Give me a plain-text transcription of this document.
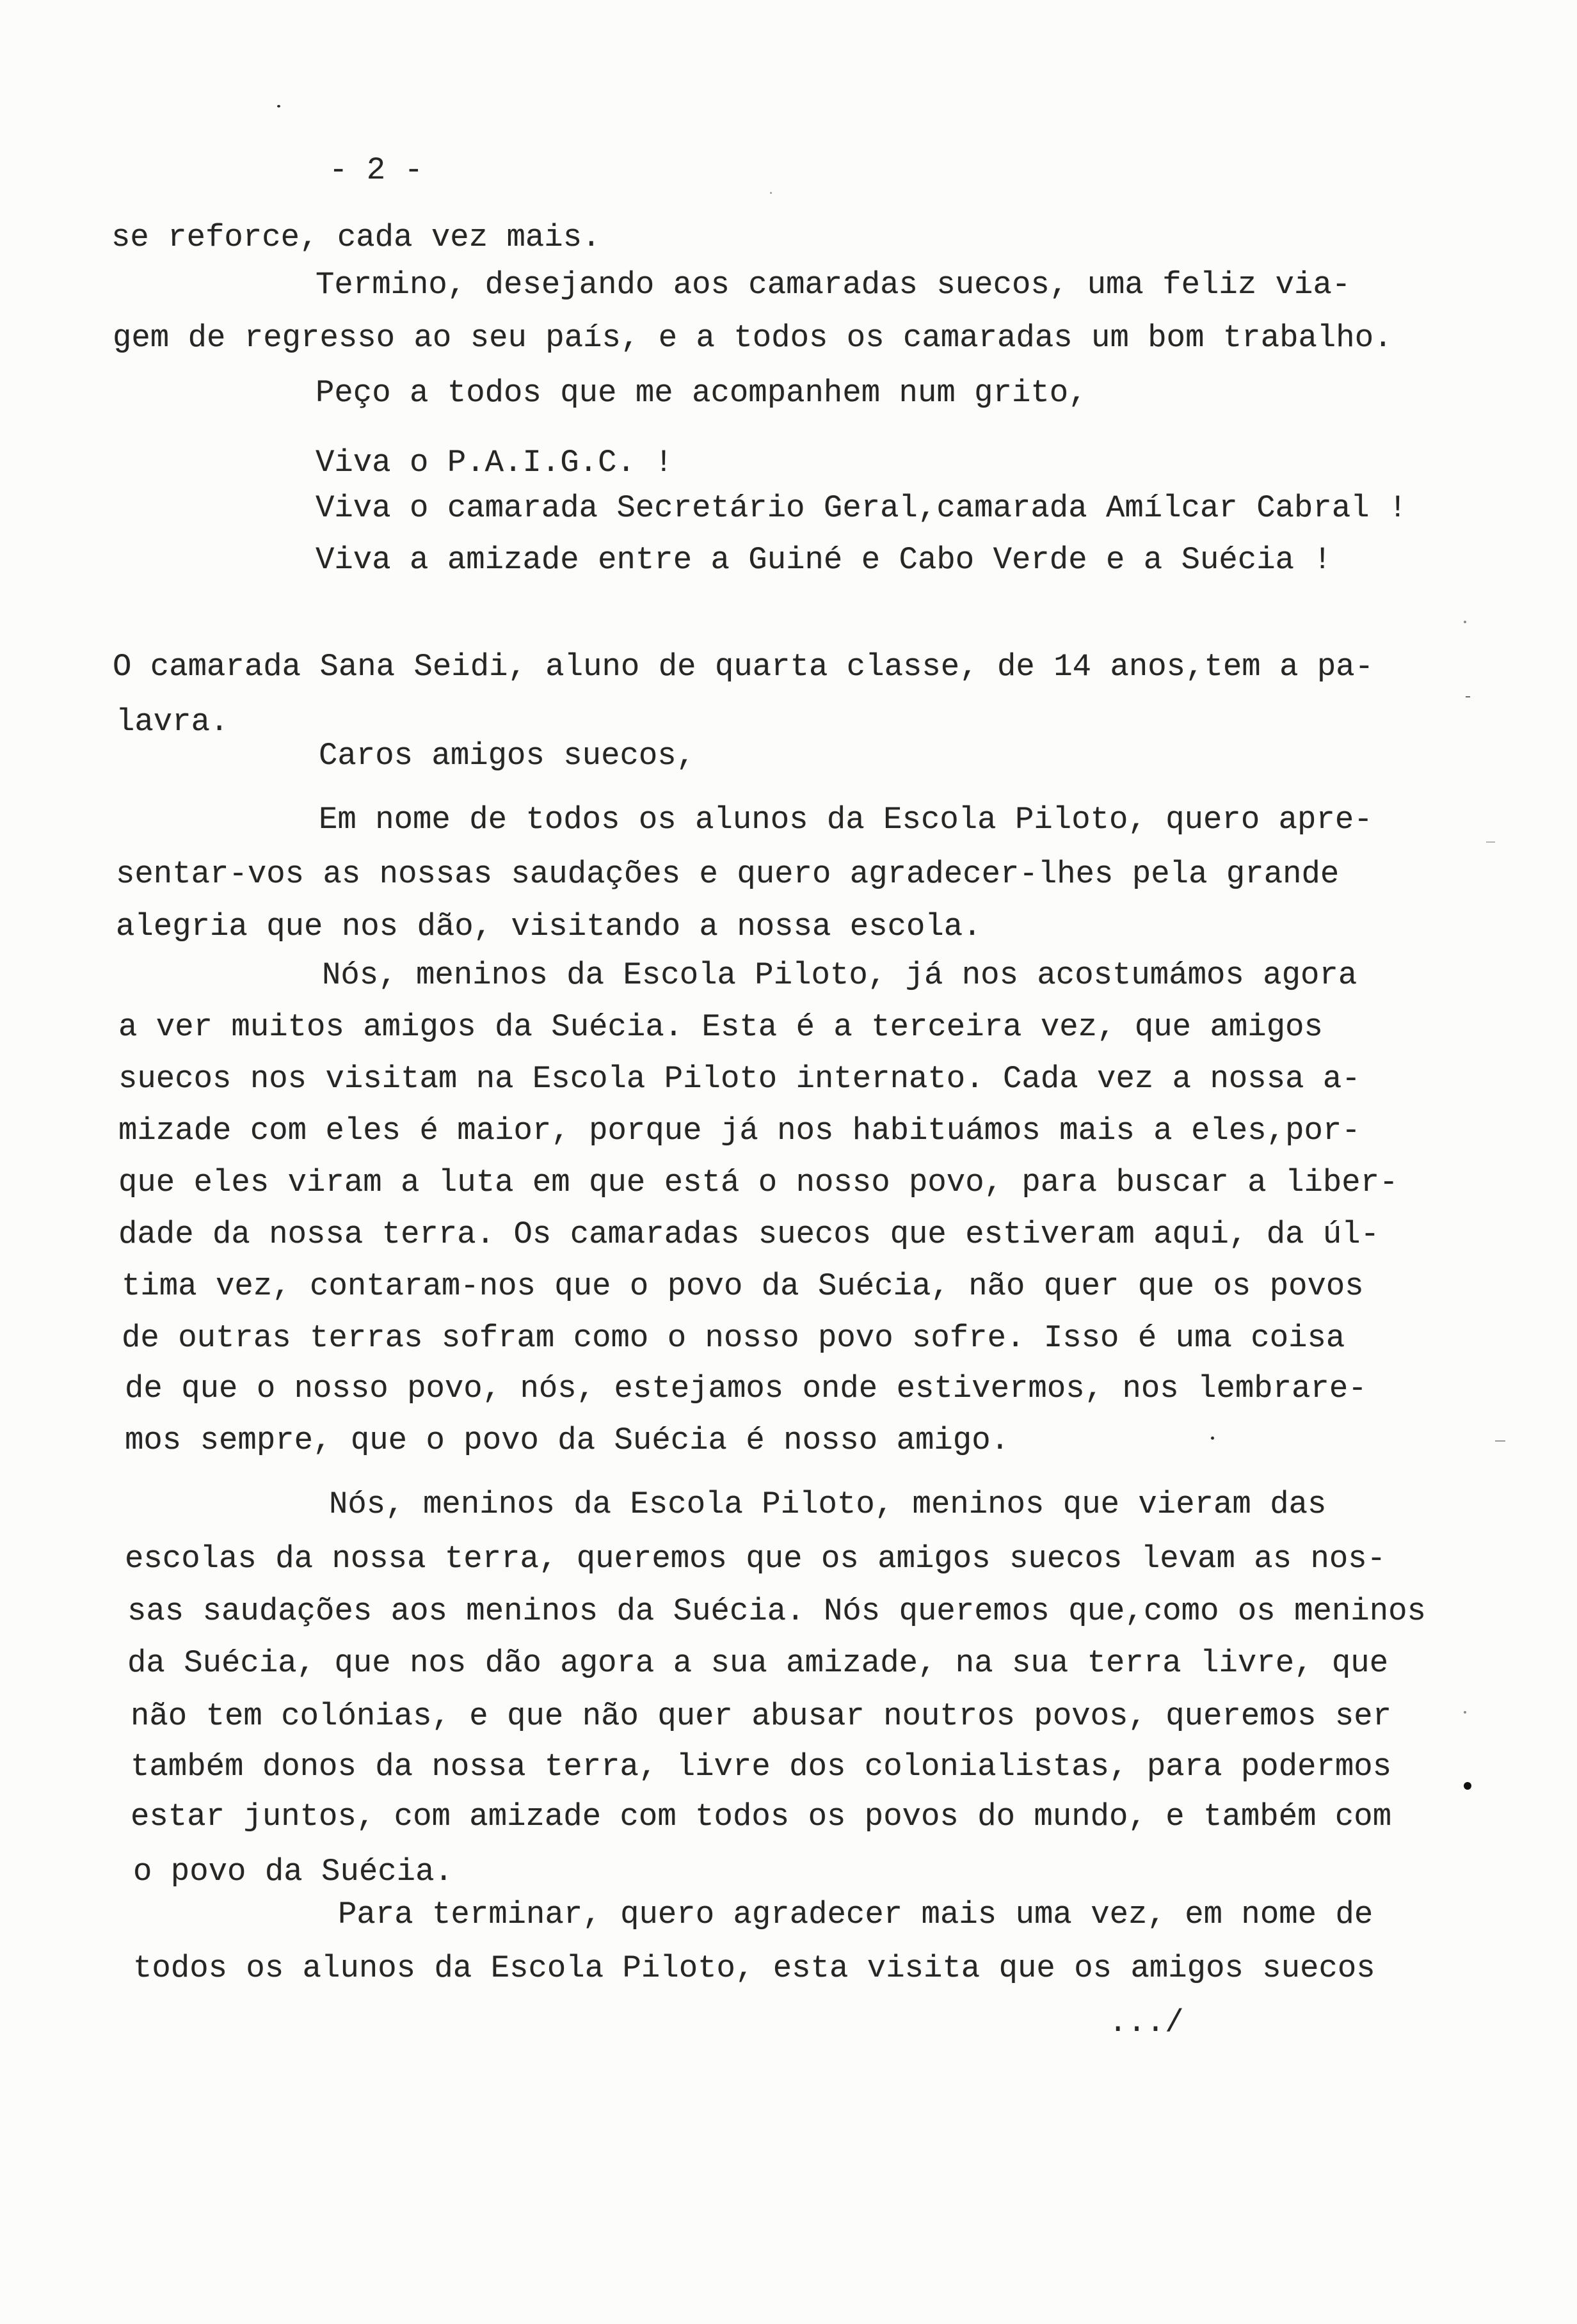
- 2 -
se reforce, cada vez mais.
Termino, desejando aos camaradas suecos, uma feliz via-
gem de regresso ao seu país, e a todos os camaradas um bom trabalho.
Peço a todos que me acompanhem num grito,
Viva o P.A.I.G.C. !
Viva o camarada Secretário Geral,camarada Amílcar Cabral !
Viva a amizade entre a Guiné e Cabo Verde e a Suécia !
O camarada Sana Seidi, aluno de quarta classe, de 14 anos,tem a pa-
lavra.
Caros amigos suecos,
Em nome de todos os alunos da Escola Piloto, quero apre-
sentar-vos as nossas saudações e quero agradecer-lhes pela grande
alegria que nos dão, visitando a nossa escola.
Nós, meninos da Escola Piloto, já nos acostumámos agora
a ver muitos amigos da Suécia. Esta é a terceira vez, que amigos
suecos nos visitam na Escola Piloto internato. Cada vez a nossa a-
mizade com eles é maior, porque já nos habituámos mais a eles,por-
que eles viram a luta em que está o nosso povo, para buscar a liber-
dade da nossa terra. Os camaradas suecos que estiveram aqui, da úl-
tima vez, contaram-nos que o povo da Suécia, não quer que os povos
de outras terras sofram como o nosso povo sofre. Isso é uma coisa
de que o nosso povo, nós, estejamos onde estivermos, nos lembrare-
mos sempre, que o povo da Suécia é nosso amigo.
Nós, meninos da Escola Piloto, meninos que vieram das
escolas da nossa terra, queremos que os amigos suecos levam as nos-
sas saudações aos meninos da Suécia. Nós queremos que,como os meninos
da Suécia, que nos dão agora a sua amizade, na sua terra livre, que
não tem colónias, e que não quer abusar noutros povos, queremos ser
também donos da nossa terra, livre dos colonialistas, para podermos
estar juntos, com amizade com todos os povos do mundo, e também com
o povo da Suécia.
Para terminar, quero agradecer mais uma vez, em nome de
todos os alunos da Escola Piloto, esta visita que os amigos suecos
.../
